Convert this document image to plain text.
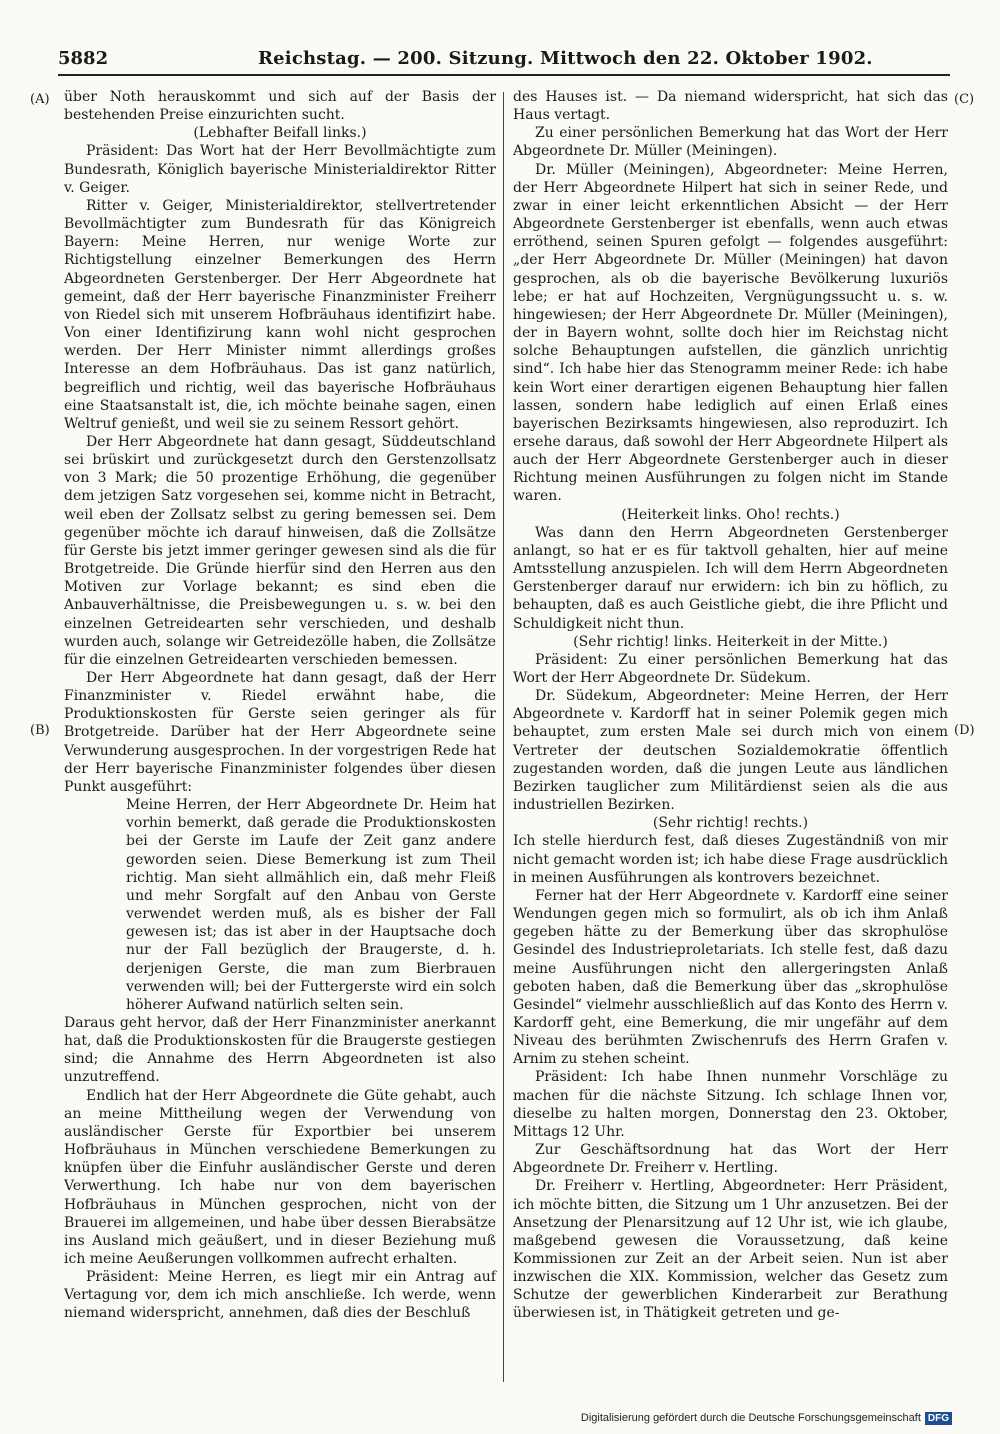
5882	Reichstag. — 200. Sitzung. Mittwoch den 22. Oktober 1902.
(A)
(B)
(C)
(D)

über Noth herauskommt und sich auf der Basis der bestehenden Preise einzurichten sucht.

(Lebhafter Beifall links.)

Präsident: Das Wort hat der Herr Bevollmächtigte zum Bundesrath, Königlich bayerische Ministerialdirektor Ritter v. Geiger.

Ritter v. Geiger, Ministerialdirektor, stellvertretender Bevollmächtigter zum Bundesrath für das Königreich Bayern: Meine Herren, nur wenige Worte zur Richtigstellung einzelner Bemerkungen des Herrn Abgeordneten Gerstenberger. Der Herr Abgeordnete hat gemeint, daß der Herr bayerische Finanzminister Freiherr von Riedel sich mit unserem Hofbräuhaus identifizirt habe. Von einer Identifizirung kann wohl nicht gesprochen werden. Der Herr Minister nimmt allerdings großes Interesse an dem Hofbräuhaus. Das ist ganz natürlich, begreiflich und richtig, weil das bayerische Hofbräuhaus eine Staatsanstalt ist, die, ich möchte beinahe sagen, einen Weltruf genießt, und weil sie zu seinem Ressort gehört.

Der Herr Abgeordnete hat dann gesagt, Süddeutschland sei brüskirt und zurückgesetzt durch den Gerstenzollsatz von 3 Mark; die 50 prozentige Erhöhung, die gegenüber dem jetzigen Satz vorgesehen sei, komme nicht in Betracht, weil eben der Zollsatz selbst zu gering bemessen sei. Dem gegenüber möchte ich darauf hinweisen, daß die Zollsätze für Gerste bis jetzt immer geringer gewesen sind als die für Brotgetreide. Die Gründe hierfür sind den Herren aus den Motiven zur Vorlage bekannt; es sind eben die Anbauverhältnisse, die Preisbewegungen u. s. w. bei den einzelnen Getreidearten sehr verschieden, und deshalb wurden auch, solange wir Getreidezölle haben, die Zollsätze für die einzelnen Getreidearten verschieden bemessen.

Der Herr Abgeordnete hat dann gesagt, daß der Herr Finanzminister v. Riedel erwähnt habe, die Produktionskosten für Gerste seien geringer als für Brotgetreide. Darüber hat der Herr Abgeordnete seine Verwunderung ausgesprochen. In der vorgestrigen Rede hat der Herr bayerische Finanzminister folgendes über diesen Punkt ausgeführt:

Meine Herren, der Herr Abgeordnete Dr. Heim hat vorhin bemerkt, daß gerade die Produktionskosten bei der Gerste im Laufe der Zeit ganz andere geworden seien. Diese Bemerkung ist zum Theil richtig. Man sieht allmählich ein, daß mehr Fleiß und mehr Sorgfalt auf den Anbau von Gerste verwendet werden muß, als es bisher der Fall gewesen ist; das ist aber in der Hauptsache doch nur der Fall bezüglich der Braugerste, d. h. derjenigen Gerste, die man zum Bierbrauen verwenden will; bei der Futtergerste wird ein solch höherer Aufwand natürlich selten sein.

Daraus geht hervor, daß der Herr Finanzminister anerkannt hat, daß die Produktionskosten für die Braugerste gestiegen sind; die Annahme des Herrn Abgeordneten ist also unzutreffend.

Endlich hat der Herr Abgeordnete die Güte gehabt, auch an meine Mittheilung wegen der Verwendung von ausländischer Gerste für Exportbier bei unserem Hofbräuhaus in München verschiedene Bemerkungen zu knüpfen über die Einfuhr ausländischer Gerste und deren Verwerthung. Ich habe nur von dem bayerischen Hofbräuhaus in München gesprochen, nicht von der Brauerei im allgemeinen, und habe über dessen Bierabsätze ins Ausland mich geäußert, und in dieser Beziehung muß ich meine Aeußerungen vollkommen aufrecht erhalten.

Präsident: Meine Herren, es liegt mir ein Antrag auf Vertagung vor, dem ich mich anschließe. Ich werde, wenn niemand widerspricht, annehmen, daß dies der Beschluß

des Hauses ist. — Da niemand widerspricht, hat sich das Haus vertagt.

Zu einer persönlichen Bemerkung hat das Wort der Herr Abgeordnete Dr. Müller (Meiningen).

Dr. Müller (Meiningen), Abgeordneter: Meine Herren, der Herr Abgeordnete Hilpert hat sich in seiner Rede, und zwar in einer leicht erkenntlichen Absicht — der Herr Abgeordnete Gerstenberger ist ebenfalls, wenn auch etwas erröthend, seinen Spuren gefolgt — folgendes ausgeführt: „der Herr Abgeordnete Dr. Müller (Meiningen) hat davon gesprochen, als ob die bayerische Bevölkerung luxuriös lebe; er hat auf Hochzeiten, Vergnügungssucht u. s. w. hingewiesen; der Herr Abgeordnete Dr. Müller (Meiningen), der in Bayern wohnt, sollte doch hier im Reichstag nicht solche Behauptungen aufstellen, die gänzlich unrichtig sind“. Ich habe hier das Stenogramm meiner Rede: ich habe kein Wort einer derartigen eigenen Behauptung hier fallen lassen, sondern habe lediglich auf einen Erlaß eines bayerischen Bezirksamts hingewiesen, also reproduzirt. Ich ersehe daraus, daß sowohl der Herr Abgeordnete Hilpert als auch der Herr Abgeordnete Gerstenberger auch in dieser Richtung meinen Ausführungen zu folgen nicht im Stande waren.

(Heiterkeit links. Oho! rechts.)

Was dann den Herrn Abgeordneten Gerstenberger anlangt, so hat er es für taktvoll gehalten, hier auf meine Amtsstellung anzuspielen. Ich will dem Herrn Abgeordneten Gerstenberger darauf nur erwidern: ich bin zu höflich, zu behaupten, daß es auch Geistliche giebt, die ihre Pflicht und Schuldigkeit nicht thun.

(Sehr richtig! links. Heiterkeit in der Mitte.)

Präsident: Zu einer persönlichen Bemerkung hat das Wort der Herr Abgeordnete Dr. Südekum.

Dr. Südekum, Abgeordneter: Meine Herren, der Herr Abgeordnete v. Kardorff hat in seiner Polemik gegen mich behauptet, zum ersten Male sei durch mich von einem Vertreter der deutschen Sozialdemokratie öffentlich zugestanden worden, daß die jungen Leute aus ländlichen Bezirken tauglicher zum Militärdienst seien als die aus industriellen Bezirken.

(Sehr richtig! rechts.)

Ich stelle hierdurch fest, daß dieses Zugeständniß von mir nicht gemacht worden ist; ich habe diese Frage ausdrücklich in meinen Ausführungen als kontrovers bezeichnet.

Ferner hat der Herr Abgeordnete v. Kardorff eine seiner Wendungen gegen mich so formulirt, als ob ich ihm Anlaß gegeben hätte zu der Bemerkung über das skrophulöse Gesindel des Industrieproletariats. Ich stelle fest, daß dazu meine Ausführungen nicht den allergeringsten Anlaß geboten haben, daß die Bemerkung über das „skrophulöse Gesindel“ vielmehr ausschließlich auf das Konto des Herrn v. Kardorff geht, eine Bemerkung, die mir ungefähr auf dem Niveau des berühmten Zwischenrufs des Herrn Grafen v. Arnim zu stehen scheint.

Präsident: Ich habe Ihnen nunmehr Vorschläge zu machen für die nächste Sitzung. Ich schlage Ihnen vor, dieselbe zu halten morgen, Donnerstag den 23. Oktober, Mittags 12 Uhr.

Zur Geschäftsordnung hat das Wort der Herr Abgeordnete Dr. Freiherr v. Hertling.

Dr. Freiherr v. Hertling, Abgeordneter: Herr Präsident, ich möchte bitten, die Sitzung um 1 Uhr anzusetzen. Bei der Ansetzung der Plenarsitzung auf 12 Uhr ist, wie ich glaube, maßgebend gewesen die Voraussetzung, daß keine Kommissionen zur Zeit an der Arbeit seien. Nun ist aber inzwischen die XIX. Kommission, welcher das Gesetz zum Schutze der gewerblichen Kinderarbeit zur Berathung überwiesen ist, in Thätigkeit getreten und ge-

Digitalisierung gefördert durch die Deutsche Forschungsgemeinschaft DFG
